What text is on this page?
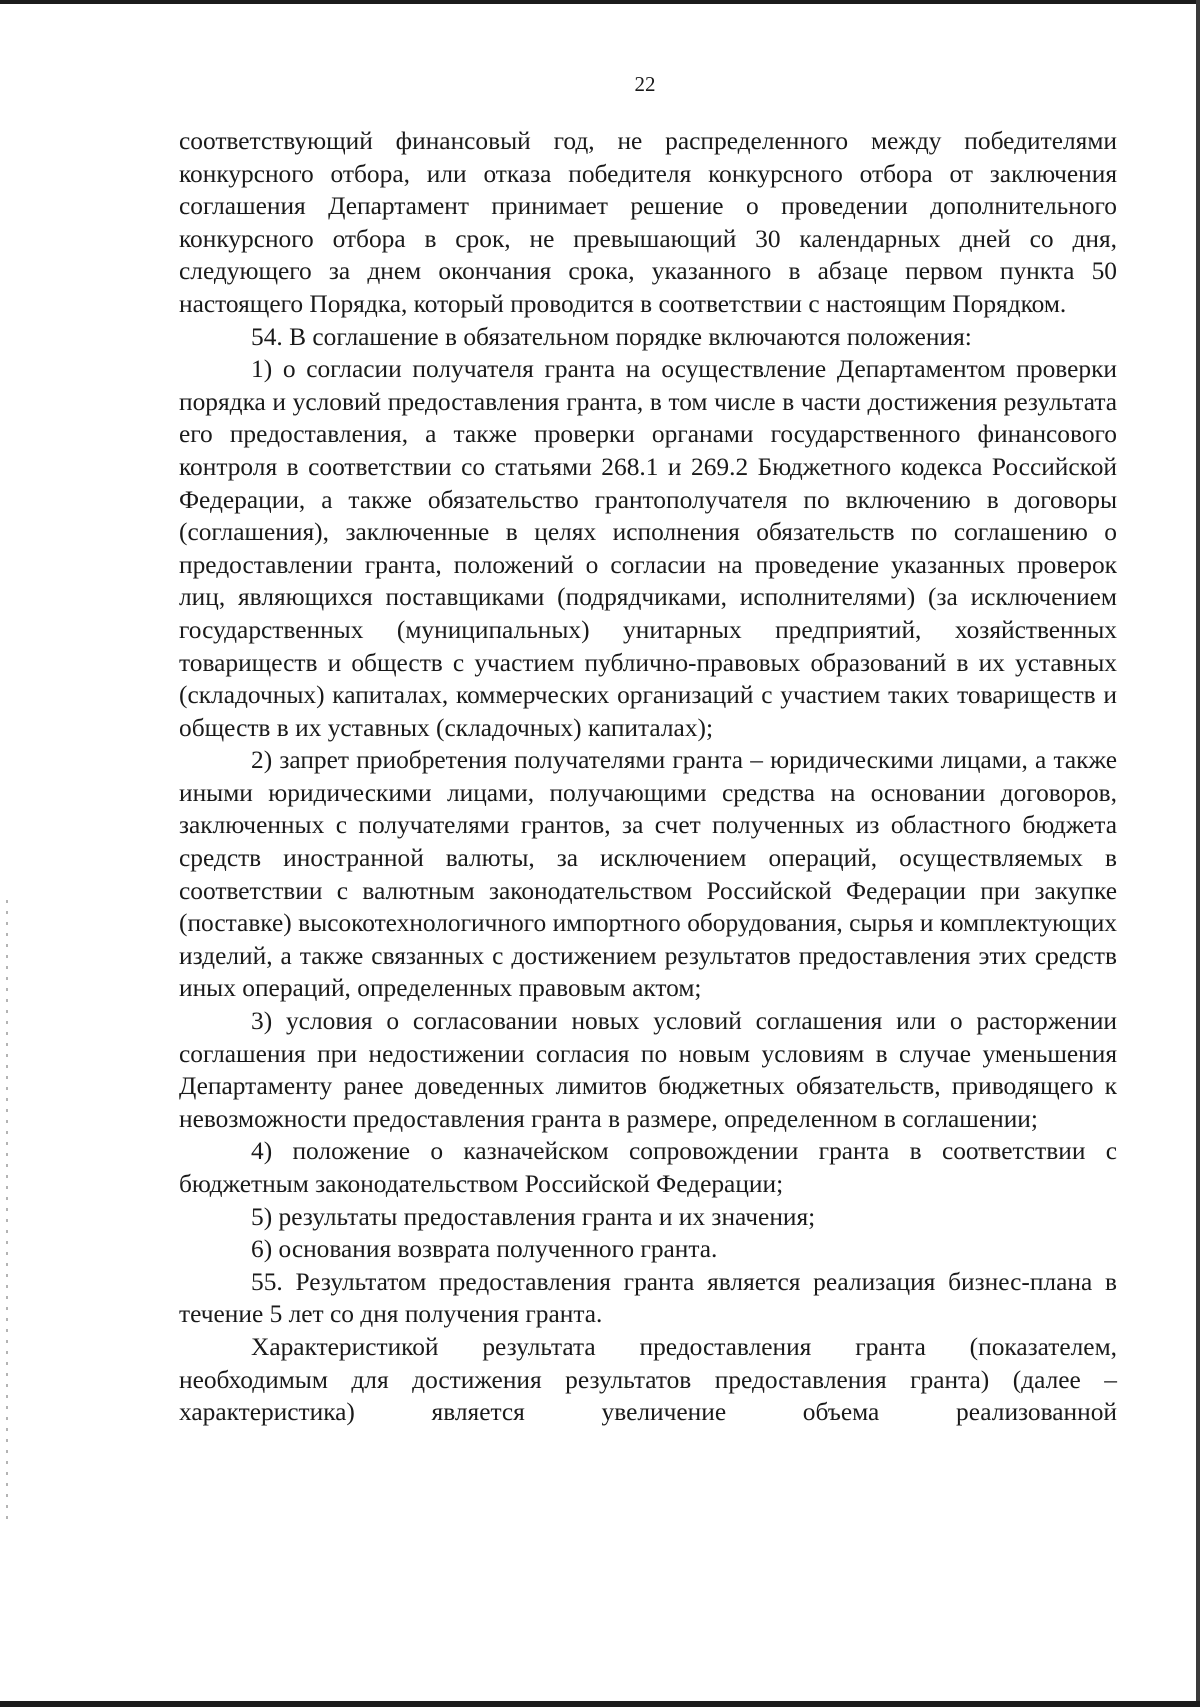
22

соответствующий финансовый год, не распределенного между победителями конкурсного отбора, или отказа победителя конкурсного отбора от заключения соглашения Департамент принимает решение о проведении дополнительного конкурсного отбора в срок, не превышающий 30 календарных дней со дня, следующего за днем окончания срока, указанного в абзаце первом пункта 50 настоящего Порядка, который проводится в соответствии с настоящим Порядком.

54. В соглашение в обязательном порядке включаются положения:

1) о согласии получателя гранта на осуществление Департаментом проверки порядка и условий предоставления гранта, в том числе в части достижения результата его предоставления, а также проверки органами государственного финансового контроля в соответствии со статьями 268.1 и 269.2 Бюджетного кодекса Российской Федерации, а также обязательство грантополучателя по включению в договоры (соглашения), заключенные в целях исполнения обязательств по соглашению о предоставлении гранта, положений о согласии на проведение указанных проверок лиц, являющихся поставщиками (подрядчиками, исполнителями) (за исключением государственных (муниципальных) унитарных предприятий, хозяйственных товариществ и обществ с участием публично-правовых образований в их уставных (складочных) капиталах, коммерческих организаций с участием таких товариществ и обществ в их уставных (складочных) капиталах);

2) запрет приобретения получателями гранта – юридическими лицами, а также иными юридическими лицами, получающими средства на основании договоров, заключенных с получателями грантов, за счет полученных из областного бюджета средств иностранной валюты, за исключением операций, осуществляемых в соответствии с валютным законодательством Российской Федерации при закупке (поставке) высокотехнологичного импортного оборудования, сырья и комплектующих изделий, а также связанных с достижением результатов предоставления этих средств иных операций, определенных правовым актом;

3) условия о согласовании новых условий соглашения или о расторжении соглашения при недостижении согласия по новым условиям в случае уменьшения Департаменту ранее доведенных лимитов бюджетных обязательств, приводящего к невозможности предоставления гранта в размере, определенном в соглашении;

4) положение о казначейском сопровождении гранта в соответствии с бюджетным законодательством Российской Федерации;

5) результаты предоставления гранта и их значения;

6) основания возврата полученного гранта.

55. Результатом предоставления гранта является реализация бизнес-плана в течение 5 лет со дня получения гранта.

Характеристикой результата предоставления гранта (показателем, необходимым для достижения результатов предоставления гранта) (далее – характеристика) является увеличение объема реализованной
